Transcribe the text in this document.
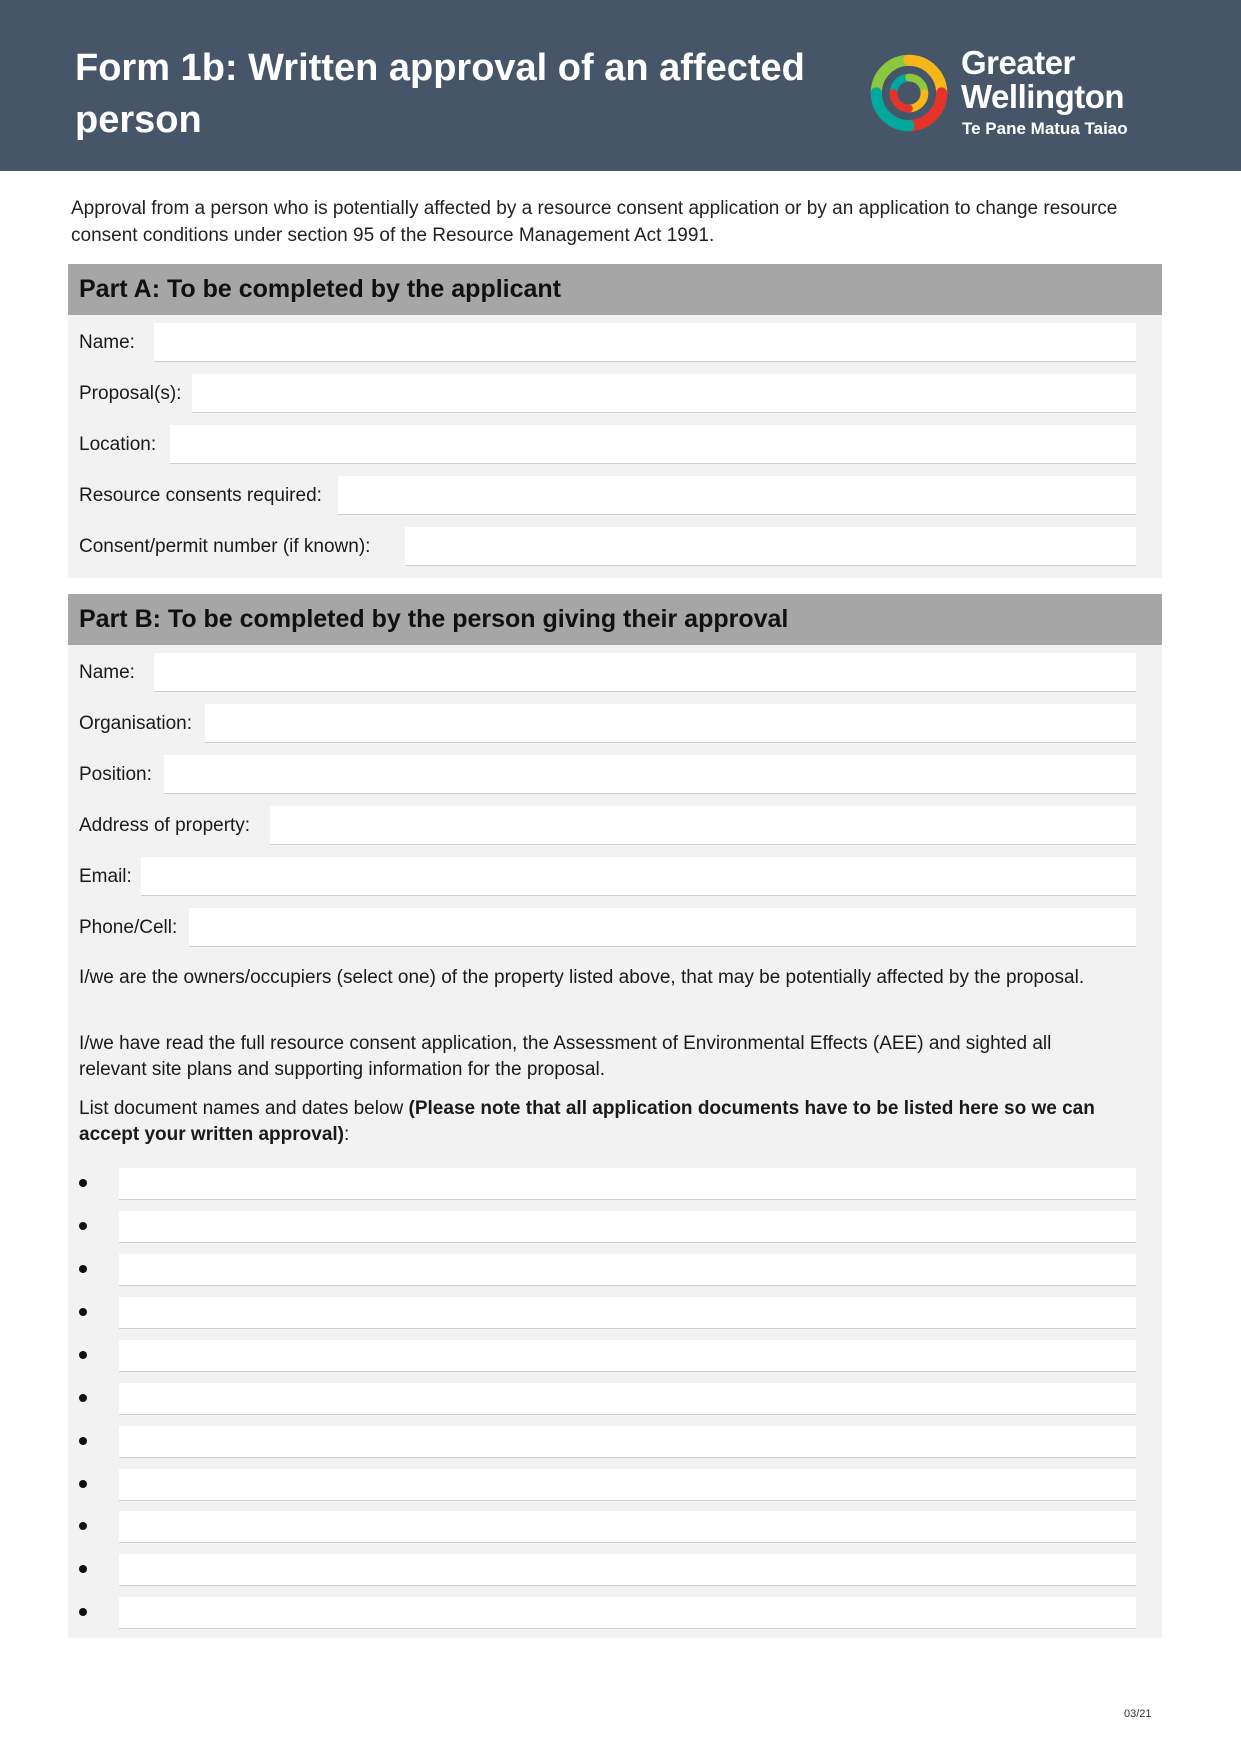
Form 1b: Written approval of an affected person
Greater
Wellington
Te Pane Matua Taiao
Approval from a person who is potentially affected by a resource consent application or by an application to change resource consent conditions under section 95 of the Resource Management Act 1991.
Part A: To be completed by the applicant
Name:
Proposal(s):
Location:
Resource consents required:
Consent/permit number (if known):
Part B: To be completed by the person giving their approval
Name:
Organisation:
Position:
Address of property:
Email:
Phone/Cell:
I/we are the owners/occupiers (select one) of the property listed above, that may be potentially affected by the proposal.
I/we have read the full resource consent application, the Assessment of Environmental Effects (AEE) and sighted all relevant site plans and supporting information for the proposal.
List document names and dates below (Please note that all application documents have to be listed here so we can accept your written approval):
03/21
